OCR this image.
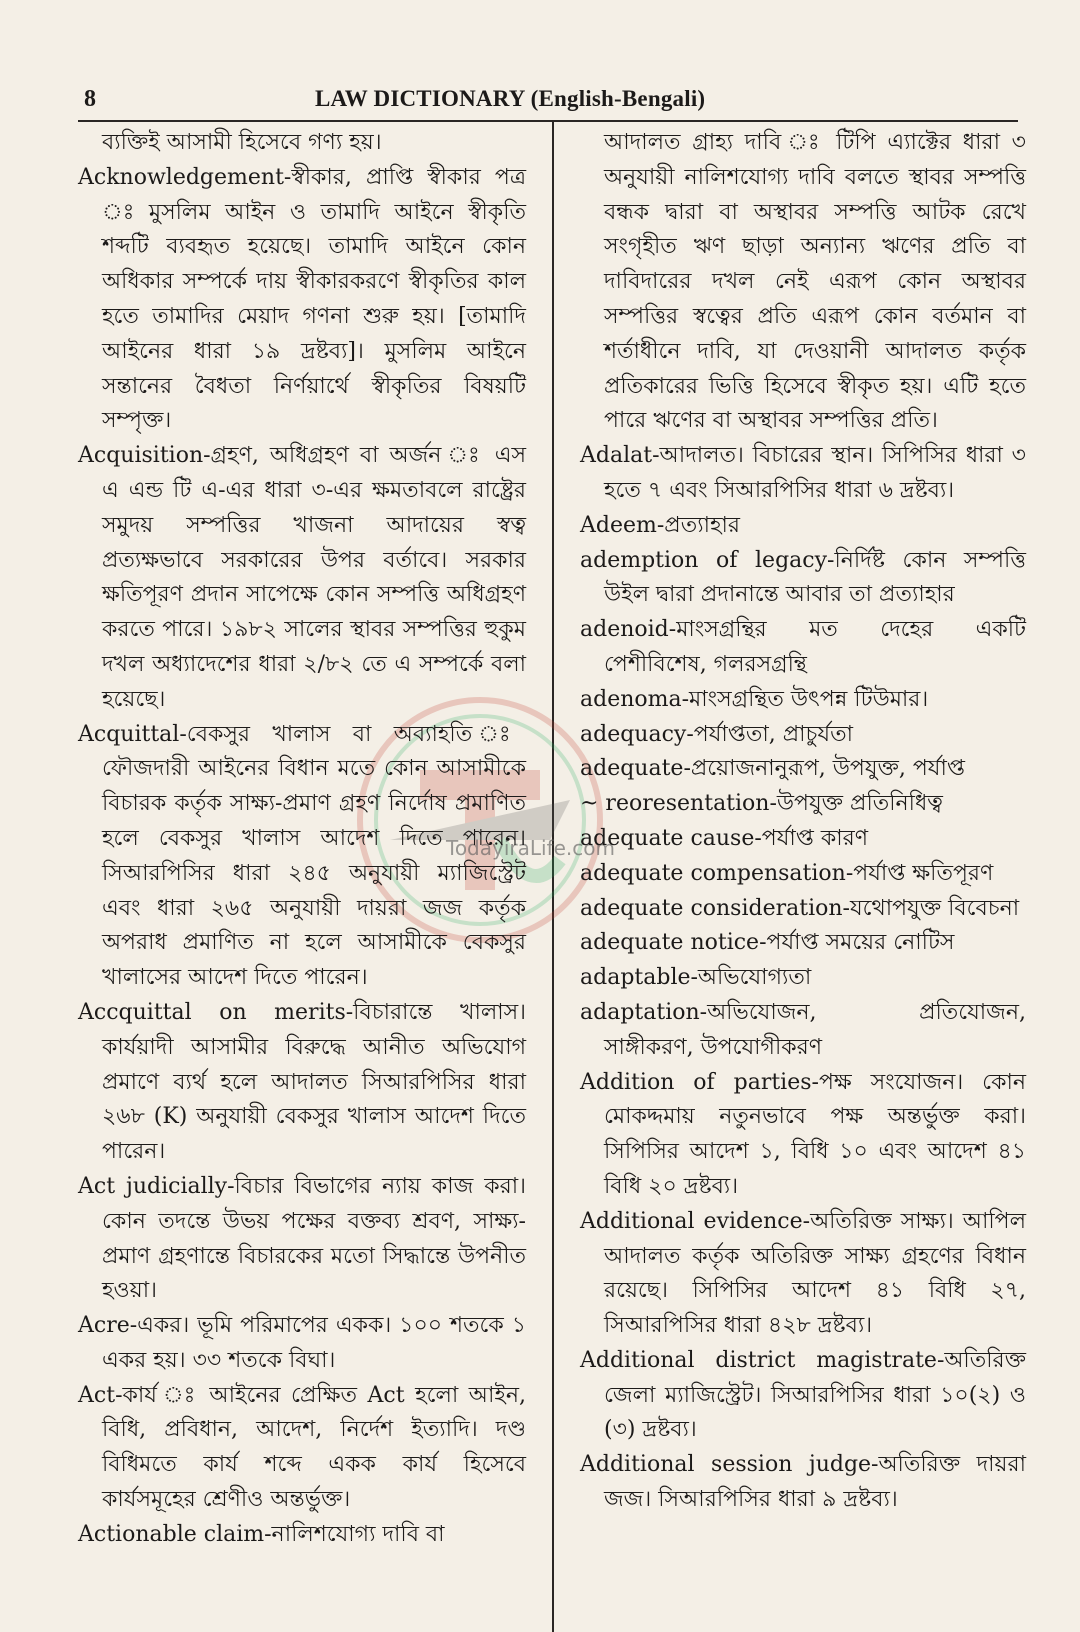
8	LAW DICTIONARY (English-Bengali)
TodayiraLife.com

ব্যক্তিই আসামী হিসেবে গণ্য হয়।

Acknowledgement-স্বীকার, প্রাপ্তি স্বীকার পত্র ঃ মুসলিম আইন ও তামাদি আইনে স্বীকৃতি শব্দটি ব্যবহৃত হয়েছে। তামাদি আইনে কোন অধিকার সম্পর্কে দায় স্বীকারকরণে স্বীকৃতির কাল হতে তামাদির মেয়াদ গণনা শুরু হয়। [তামাদি আইনের ধারা ১৯ দ্রষ্টব্য]। মুসলিম আইনে সন্তানের বৈধতা নির্ণয়ার্থে স্বীকৃতির বিষয়টি সম্পৃক্ত।

Acquisition-গ্রহণ, অধিগ্রহণ বা অর্জন ঃ এস এ এন্ড টি এ-এর ধারা ৩-এর ক্ষমতাবলে রাষ্ট্রের সমুদয় সম্পত্তির খাজনা আদায়ের স্বত্ব প্রত্যক্ষভাবে সরকারের উপর বর্তাবে। সরকার ক্ষতিপূরণ প্রদান সাপেক্ষে কোন সম্পত্তি অধিগ্রহণ করতে পারে। ১৯৮২ সালের স্থাবর সম্পত্তির হুকুম দখল অধ্যাদেশের ধারা ২/৮২ তে এ সম্পর্কে বলা হয়েছে।

Acquittal-বেকসুর খালাস বা অব্যাহতি ঃ ফৌজদারী আইনের বিধান মতে কোন আসামীকে বিচারক কর্তৃক সাক্ষ্য-প্রমাণ গ্রহণ নির্দোষ প্রমাণিত হলে বেকসুর খালাস আদেশ দিতে পারেন। সিআরপিসির ধারা ২৪৫ অনুযায়ী ম্যাজিস্ট্রেট এবং ধারা ২৬৫ অনুযায়ী দায়রা জজ কর্তৃক অপরাধ প্রমাণিত না হলে আসামীকে বেকসুর খালাসের আদেশ দিতে পারেন।

Accquittal on merits-বিচারান্তে খালাস। কার্যয়াদী আসামীর বিরুদ্ধে আনীত অভিযোগ প্রমাণে ব্যর্থ হলে আদালত সিআরপিসির ধারা ২৬৮ (K) অনুযায়ী বেকসুর খালাস আদেশ দিতে পারেন।

Act judicially-বিচার বিভাগের ন্যায় কাজ করা। কোন তদন্তে উভয় পক্ষের বক্তব্য শ্রবণ, সাক্ষ্য-প্রমাণ গ্রহণান্তে বিচারকের মতো সিদ্ধান্তে উপনীত হওয়া।

Acre-একর। ভূমি পরিমাপের একক। ১০০ শতকে ১ একর হয়। ৩৩ শতকে বিঘা।

Act-কার্য ঃ আইনের প্রেক্ষিত Act হলো আইন, বিধি, প্রবিধান, আদেশ, নির্দেশ ইত্যাদি। দণ্ড বিধিমতে কার্য শব্দে একক কার্য হিসেবে কার্যসমূহের শ্রেণীও অন্তর্ভুক্ত।

Actionable claim-নালিশযোগ্য দাবি বা

আদালত গ্রাহ্য দাবি ঃ টিপি এ্যাক্টের ধারা ৩ অনুযায়ী নালিশযোগ্য দাবি বলতে স্থাবর সম্পত্তি বন্ধক দ্বারা বা অস্থাবর সম্পত্তি আটক রেখে সংগৃহীত ঋণ ছাড়া অন্যান্য ঋণের প্রতি বা দাবিদারের দখল নেই এরূপ কোন অস্থাবর সম্পত্তির স্বত্বের প্রতি এরূপ কোন বর্তমান বা শর্তাধীনে দাবি, যা দেওয়ানী আদালত কর্তৃক প্রতিকারের ভিত্তি হিসেবে স্বীকৃত হয়। এটি হতে পারে ঋণের বা অস্থাবর সম্পত্তির প্রতি।

Adalat-আদালত। বিচারের স্থান। সিপিসির ধারা ৩ হতে ৭ এবং সিআরপিসির ধারা ৬ দ্রষ্টব্য।

Adeem-প্রত্যাহার

ademption of legacy-নির্দিষ্ট কোন সম্পত্তি উইল দ্বারা প্রদানান্তে আবার তা প্রত্যাহার

adenoid-মাংসগ্রন্থির মত দেহের একটি পেশীবিশেষ, গলরসগ্রন্থি

adenoma-মাংসগ্রন্থিত উৎপন্ন টিউমার।

adequacy-পর্যাপ্ততা, প্রাচুর্যতা

adequate-প্রয়োজনানুরূপ, উপযুক্ত, পর্যাপ্ত

~ reoresentation-উপযুক্ত প্রতিনিধিত্ব

adequate cause-পর্যাপ্ত কারণ

adequate compensation-পর্যাপ্ত ক্ষতিপূরণ

adequate consideration-যথোপযুক্ত বিবেচনা

adequate notice-পর্যাপ্ত সময়ের নোটিস

adaptable-অভিযোগ্যতা

adaptation-অভিযোজন, প্রতিযোজন, সাঙ্গীকরণ, উপযোগীকরণ

Addition of parties-পক্ষ সংযোজন। কোন মোকদ্দমায় নতুনভাবে পক্ষ অন্তর্ভুক্ত করা। সিপিসির আদেশ ১, বিধি ১০ এবং আদেশ ৪১ বিধি ২০ দ্রষ্টব্য।

Additional evidence-অতিরিক্ত সাক্ষ্য। আপিল আদালত কর্তৃক অতিরিক্ত সাক্ষ্য গ্রহণের বিধান রয়েছে। সিপিসির আদেশ ৪১ বিধি ২৭, সিআরপিসির ধারা ৪২৮ দ্রষ্টব্য।

Additional district magistrate-অতিরিক্ত জেলা ম্যাজিস্ট্রেট। সিআরপিসির ধারা ১০(২) ও (৩) দ্রষ্টব্য।

Additional session judge-অতিরিক্ত দায়রা জজ। সিআরপিসির ধারা ৯ দ্রষ্টব্য।
